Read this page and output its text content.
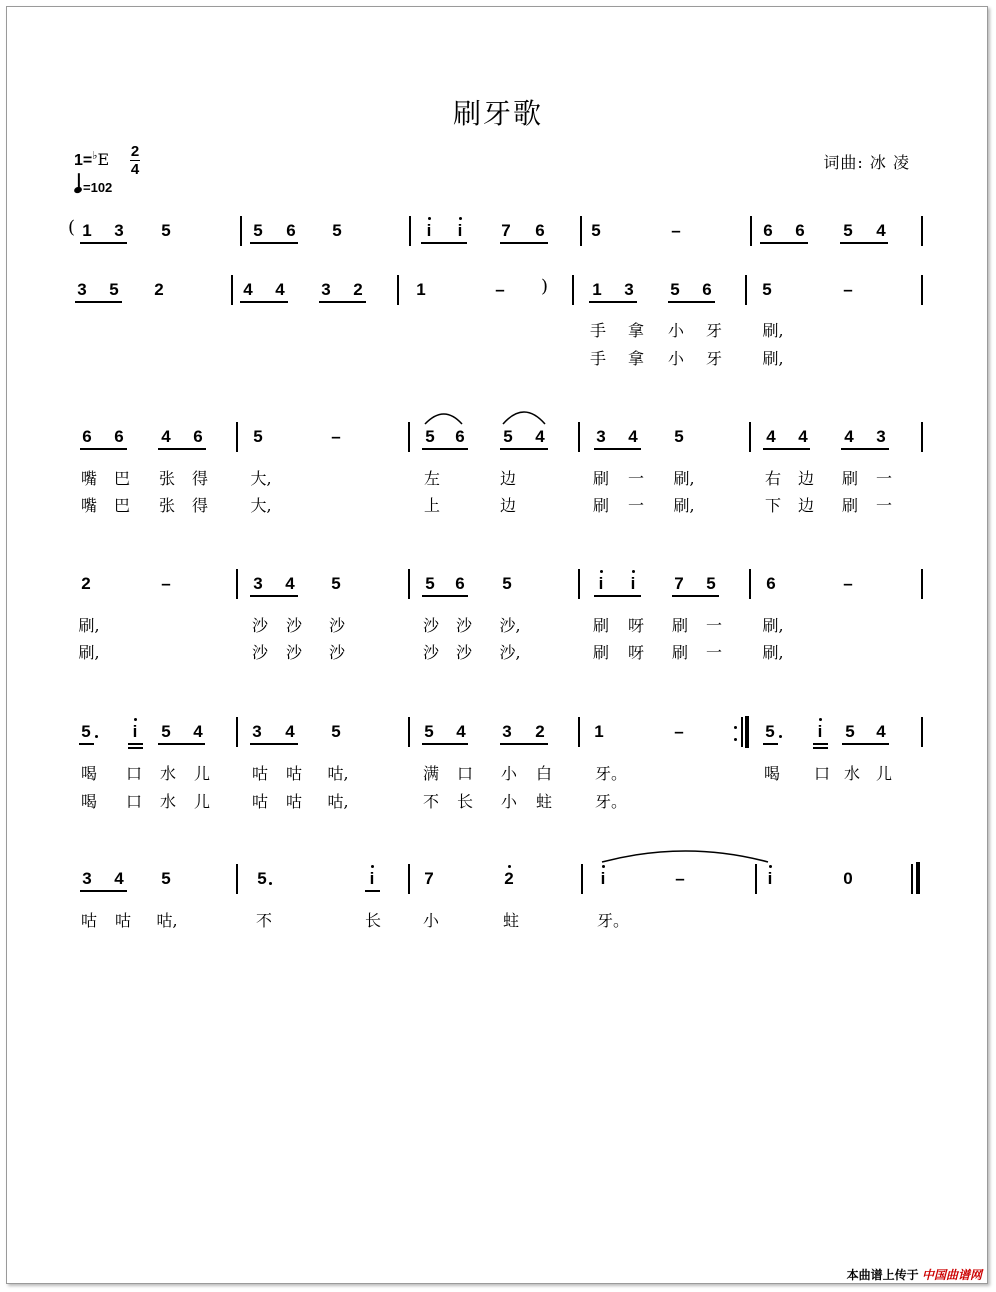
刷牙歌
词曲: 冰 凌
1=♭E 2
4
=102
1 3 5	5 6 5	i	i	7 6	5	–	6 6 5 4
3 5 2	4 4 3 2	1	–	1 3 5 6	5	–
6 6 4 6	5	–	5 6 5 4	3 4 5	4 4 4 3
2	–	3 4 5	5 6 5	i	i	7 5	6	–
5	i	5 4	3 4 5	5 4 3 2	1	–	5	i	5 4
3 4 5	5	i	7	2	i	–	i	0
手 拿 小 牙	刷,
手 拿 小 牙	刷,
嘴 巴 张 得	大,	左	边	刷 一 刷,	右 边 刷 一
嘴 巴 张 得	大,	上	边	刷 一 刷,	下 边 刷 一
刷,	沙 沙 沙	沙 沙 沙,	刷 呀 刷 一	刷,
刷,	沙 沙 沙	沙 沙 沙,	刷 呀 刷 一	刷,
喝 口 水 儿	咕 咕 咕,	满 口 小 白	牙。	喝 口 水 儿
喝 口 水 儿	咕 咕 咕,	不 长 小 蛀	牙。
咕 咕 咕,	不	长	小	蛀	牙。
(
)
本曲谱上传于 中国曲谱网
